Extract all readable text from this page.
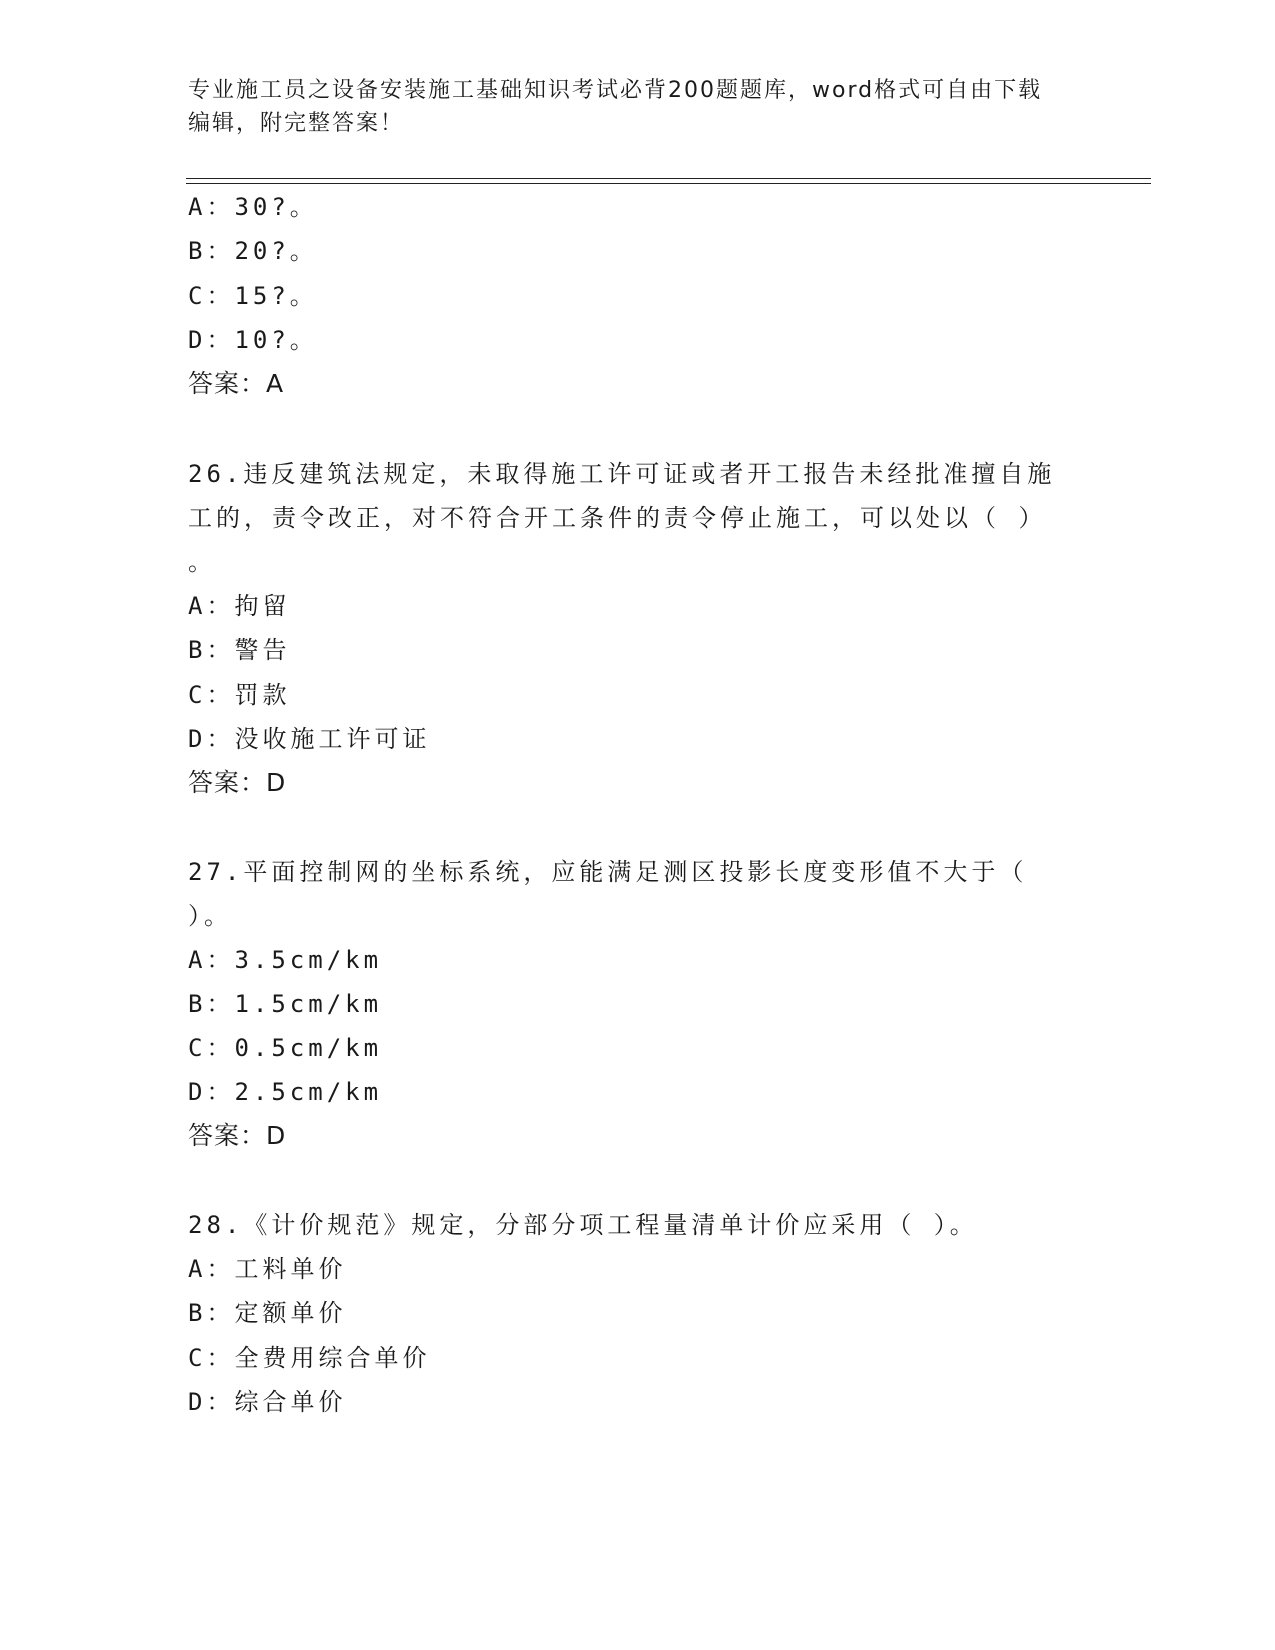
专业施工员之设备安装施工基础知识考试必背200题题库，word格式可自由下载
编辑，附完整答案！
A：30?。
B：20?。
C：15?。
D：10?。
答案：A
26.违反建筑法规定，未取得施工许可证或者开工报告未经批准擅自施
工的，责令改正，对不符合开工条件的责令停止施工，可以处以（ ）
。
A：拘留
B：警告
C：罚款
D：没收施工许可证
答案：D
27.平面控制网的坐标系统，应能满足测区投影长度变形值不大于（
）。
A：3.5cm/km
B：1.5cm/km
C：0.5cm/km
D：2.5cm/km
答案：D
28.《计价规范》规定，分部分项工程量清单计价应采用（ ）。
A：工料单价
B：定额单价
C：全费用综合单价
D：综合单价
